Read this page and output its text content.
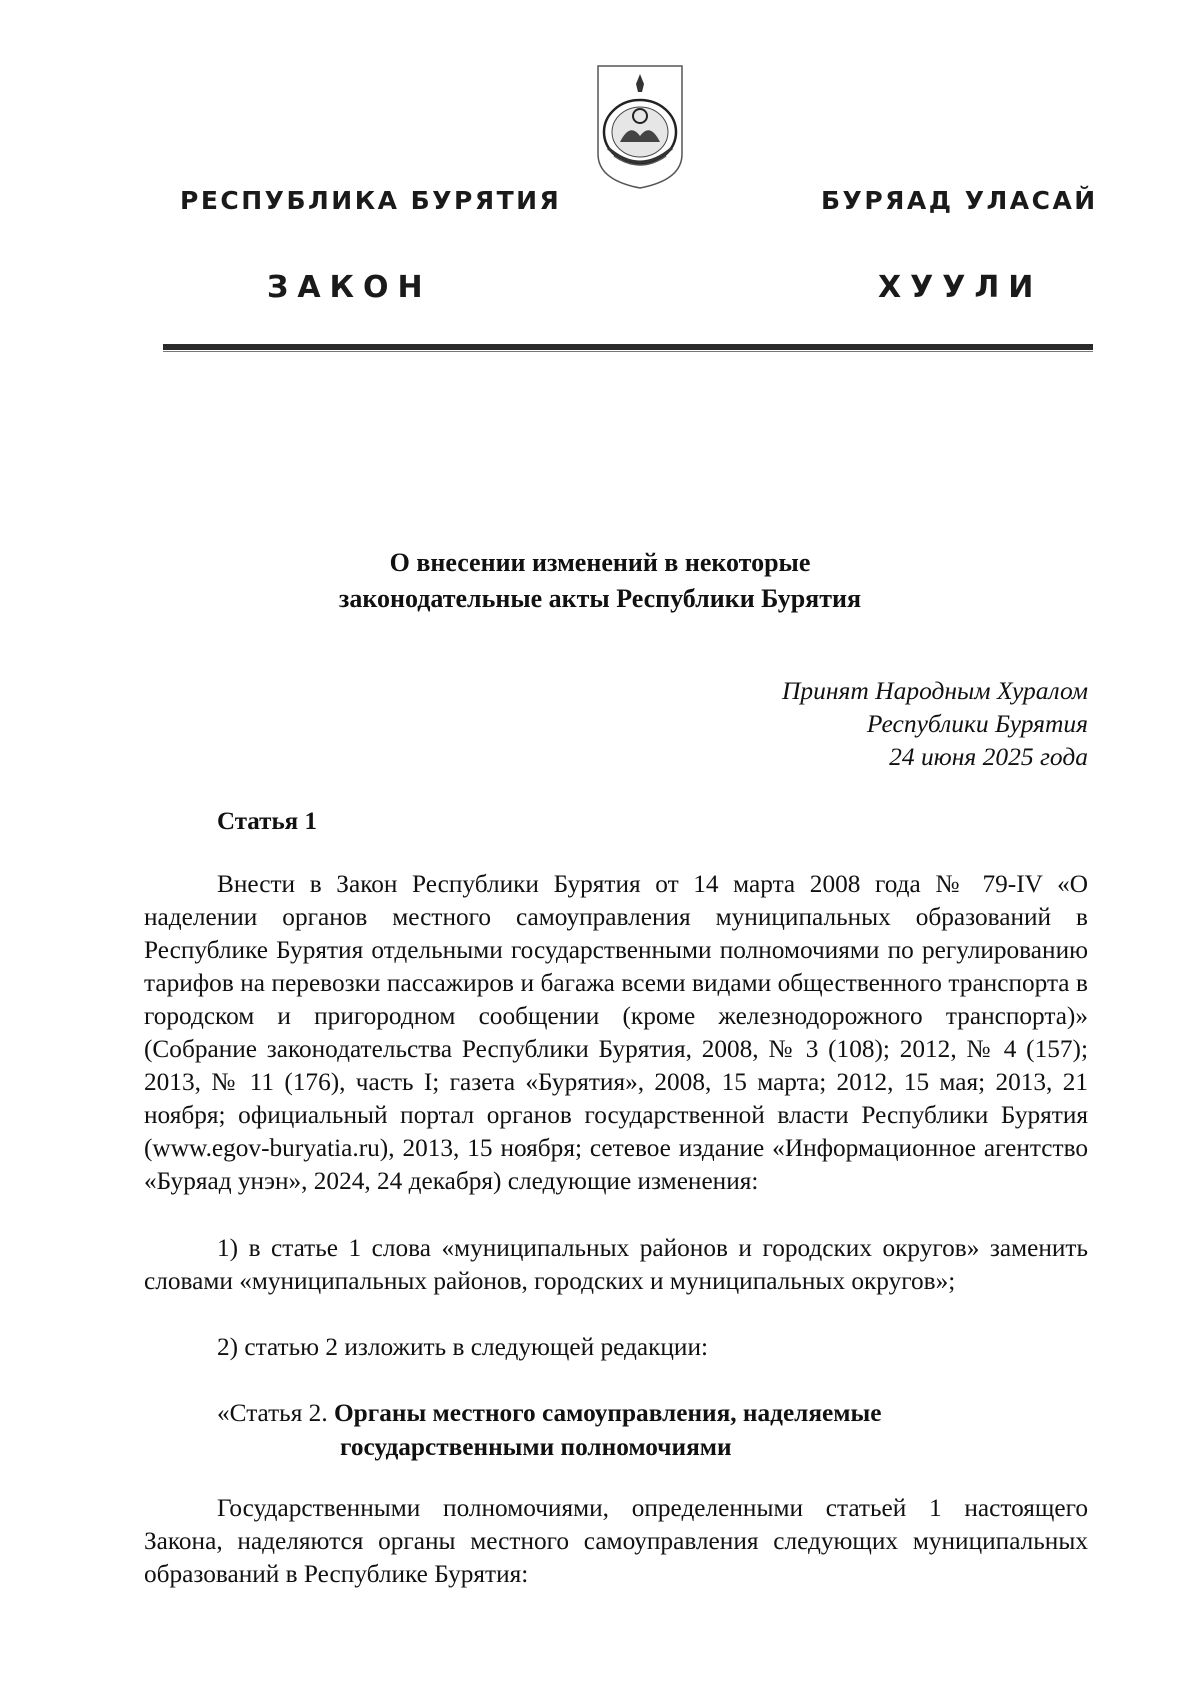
РЕСПУБЛИКА БУРЯТИЯ	БУРЯАД УЛАСАЙ
ЗАКОН	ХУУЛИ
О внесении изменений в некоторые
законодательные акты Республики Бурятия
Принят Народным Хуралом
Республики Бурятия
24 июня 2025 года
Статья 1

Внести в Закон Республики Бурятия от 14 марта 2008 года № 79-IV «О наделении органов местного самоуправления муниципальных образований в Республике Бурятия отдельными государственными полномочиями по регулированию тарифов на перевозки пассажиров и багажа всеми видами общественного транспорта в городском и пригородном сообщении (кроме железнодорожного транспорта)» (Собрание законодательства Республики Бурятия, 2008, № 3 (108); 2012, № 4 (157); 2013, № 11 (176), часть I; газета «Бурятия», 2008, 15 марта; 2012, 15 мая; 2013, 21 ноября; официальный портал органов государственной власти Республики Бурятия (www.egov-buryatia.ru), 2013, 15 ноября; сетевое издание «Информационное агентство «Буряад унэн», 2024, 24 декабря) следующие изменения:

1) в статье 1 слова «муниципальных районов и городских округов» заменить словами «муниципальных районов, городских и муниципальных округов»;

2) статью 2 изложить в следующей редакции:

«Статья 2. Органы местного самоуправления, наделяемые
государственными полномочиями

Государственными полномочиями, определенными статьей 1 настоящего Закона, наделяются органы местного самоуправления следующих муниципальных образований в Республике Бурятия:
